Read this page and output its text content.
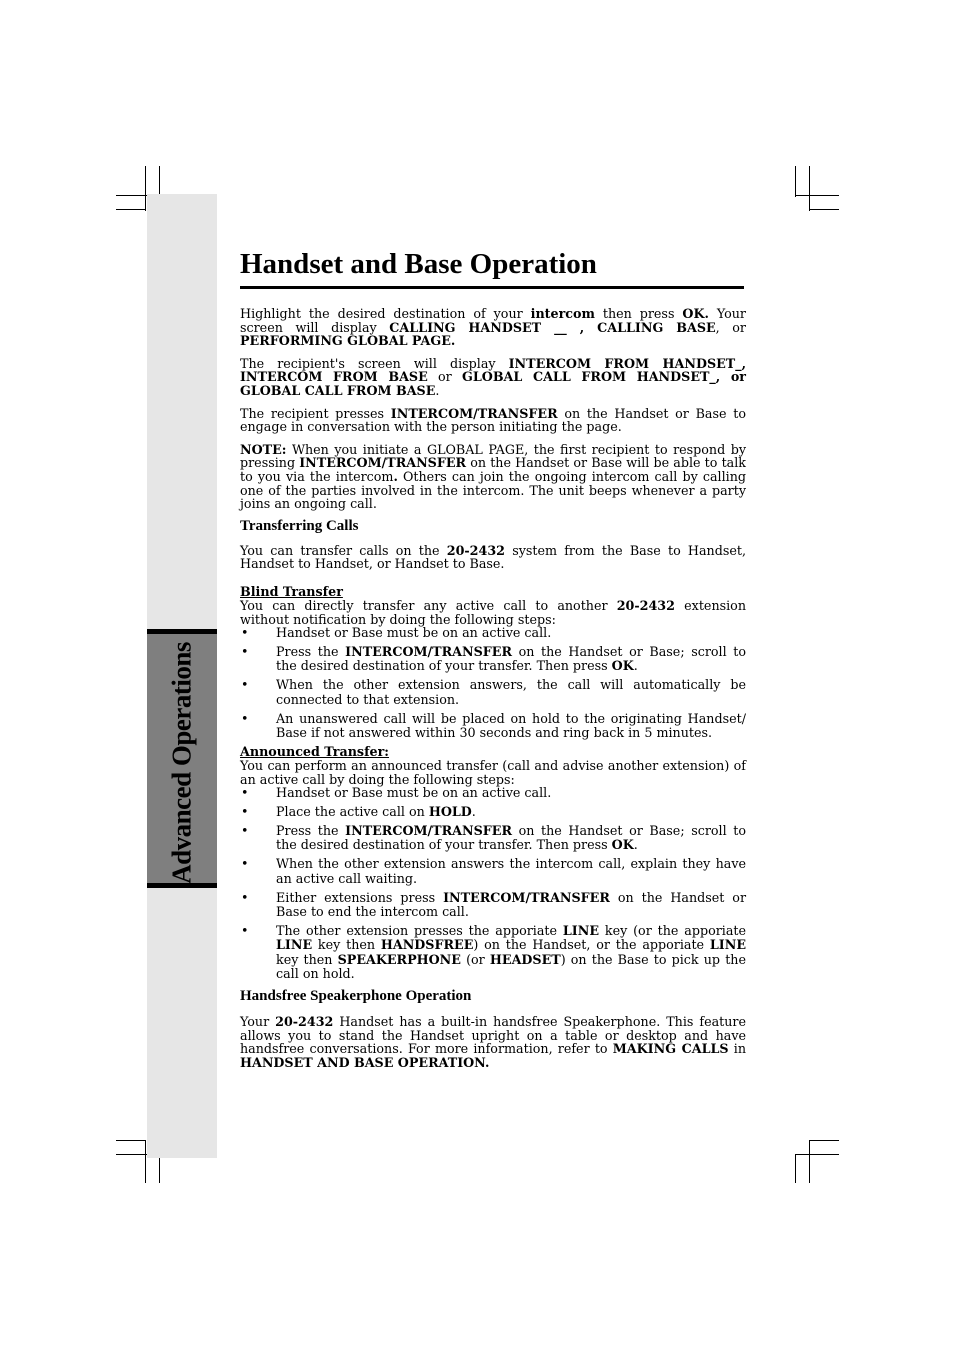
Advanced Operations
Handset and Base Operation

Highlight the desired destination of your intercom then press OK. Your screen will display CALLING HANDSET __ , CALLING BASE, or PERFORMING GLOBAL PAGE.

The recipient's screen will display INTERCOM FROM HANDSET_, INTERCOM FROM BASE or GLOBAL CALL FROM HANDSET_, or GLOBAL CALL FROM BASE.

The recipient presses INTERCOM/TRANSFER on the Handset or Base to engage in conversation with the person initiating the page.

NOTE: When you initiate a GLOBAL PAGE, the first recipient to respond by pressing INTERCOM/TRANSFER on the Handset or Base will be able to talk to you via the intercom. Others can join the ongoing intercom call by calling one of the parties involved in the intercom. The unit beeps whenever a party joins an ongoing call.

Transferring Calls

You can transfer calls on the 20-2432 system from the Base to Handset, Handset to Handset, or Handset to Base.

Blind Transfer

You can directly transfer any active call to another 20-2432 extension without notification by doing the following steps:

• Handset or Base must be on an active call.
• Press the INTERCOM/TRANSFER on the Handset or Base; scroll to the desired destination of your transfer. Then press OK.
• When the other extension answers, the call will automatically be connected to that extension.
• An unanswered call will be placed on hold to the originating Handset/ Base if not answered within 30 seconds and ring back in 5 minutes.
Announced Transfer:

You can perform an announced transfer (call and advise another extension) of an active call by doing the following steps:

• Handset or Base must be on an active call.
• Place the active call on HOLD.
• Press the INTERCOM/TRANSFER on the Handset or Base; scroll to the desired destination of your transfer. Then press OK.
• When the other extension answers the intercom call, explain they have an active call waiting.
• Either extensions press INTERCOM/TRANSFER on the Handset or Base to end the intercom call.
• The other extension presses the apporiate LINE key (or the apporiate LINE key then HANDSFREE) on the Handset, or the apporiate LINE key then SPEAKERPHONE (or HEADSET) on the Base to pick up the call on hold.
Handsfree Speakerphone Operation

Your 20-2432 Handset has a built-in handsfree Speakerphone. This feature allows you to stand the Handset upright on a table or desktop and have handsfree conversations. For more information, refer to MAKING CALLS in HANDSET AND BASE OPERATION.
